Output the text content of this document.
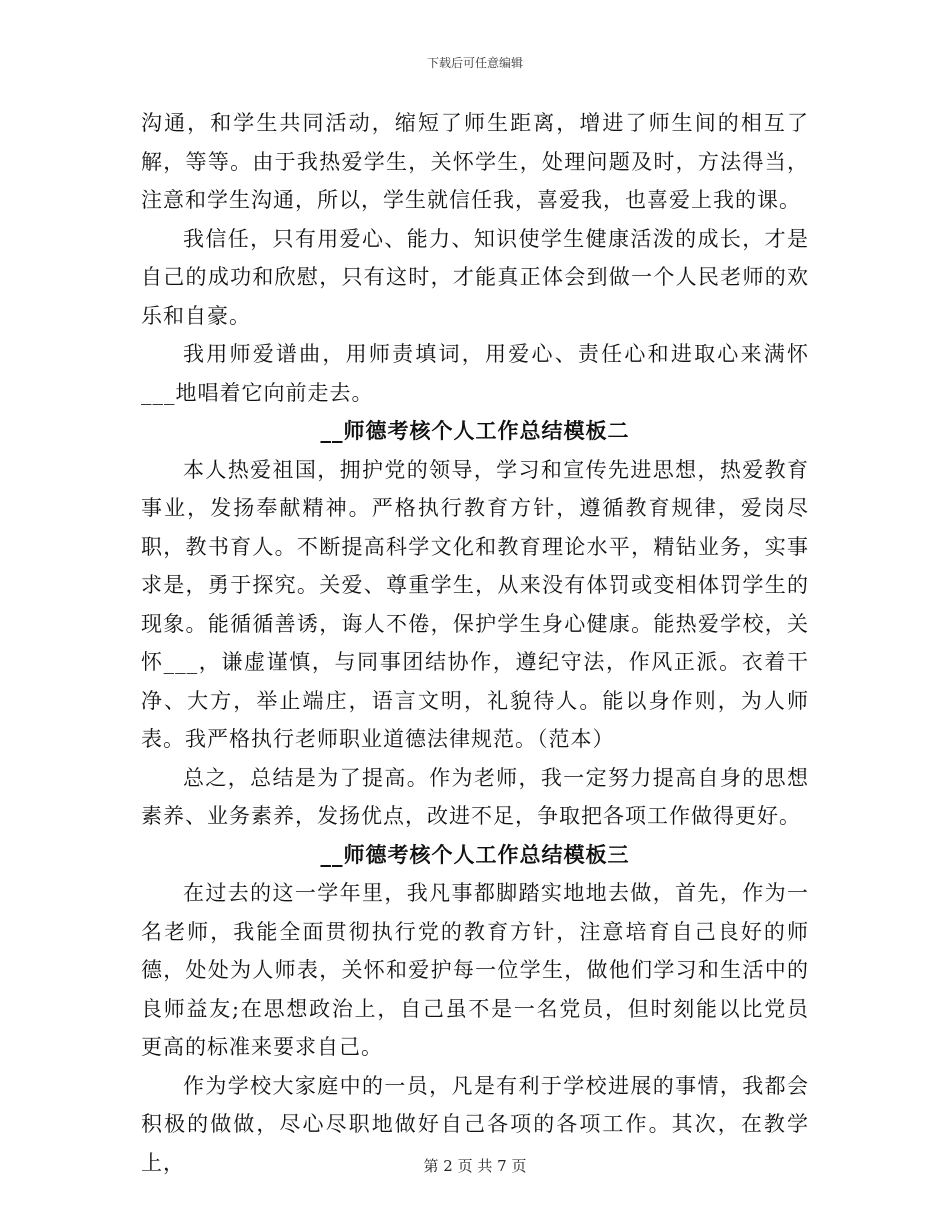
下载后可任意编辑

沟通，和学生共同活动，缩短了师生距离，增进了师生间的相互了解，等等。由于我热爱学生，关怀学生，处理问题及时，方法得当，注意和学生沟通，所以，学生就信任我，喜爱我，也喜爱上我的课。

我信任，只有用爱心、能力、知识使学生健康活泼的成长，才是自己的成功和欣慰，只有这时，才能真正体会到做一个人民老师的欢乐和自豪。

我用师爱谱曲，用师责填词，用爱心、责任心和进取心来满怀___地唱着它向前走去。

__师德考核个人工作总结模板二

本人热爱祖国，拥护党的领导，学习和宣传先进思想，热爱教育事业，发扬奉献精神。严格执行教育方针，遵循教育规律，爱岗尽职，教书育人。不断提高科学文化和教育理论水平，精钻业务，实事求是，勇于探究。关爱、尊重学生，从来没有体罚或变相体罚学生的现象。能循循善诱，诲人不倦，保护学生身心健康。能热爱学校，关怀___，谦虚谨慎，与同事团结协作，遵纪守法，作风正派。衣着干净、大方，举止端庄，语言文明，礼貌待人。能以身作则，为人师表。我严格执行老师职业道德法律规范。（范本）

总之，总结是为了提高。作为老师，我一定努力提高自身的思想素养、业务素养，发扬优点，改进不足，争取把各项工作做得更好。

__师德考核个人工作总结模板三

在过去的这一学年里，我凡事都脚踏实地地去做，首先，作为一名老师，我能全面贯彻执行党的教育方针，注意培育自己良好的师德，处处为人师表，关怀和爱护每一位学生，做他们学习和生活中的良师益友;在思想政治上，自己虽不是一名党员，但时刻能以比党员更高的标准来要求自己。

作为学校大家庭中的一员，凡是有利于学校进展的事情，我都会积极的做做，尽心尽职地做好自己各项的各项工作。其次，在教学上，	第 2 页 共 7 页
